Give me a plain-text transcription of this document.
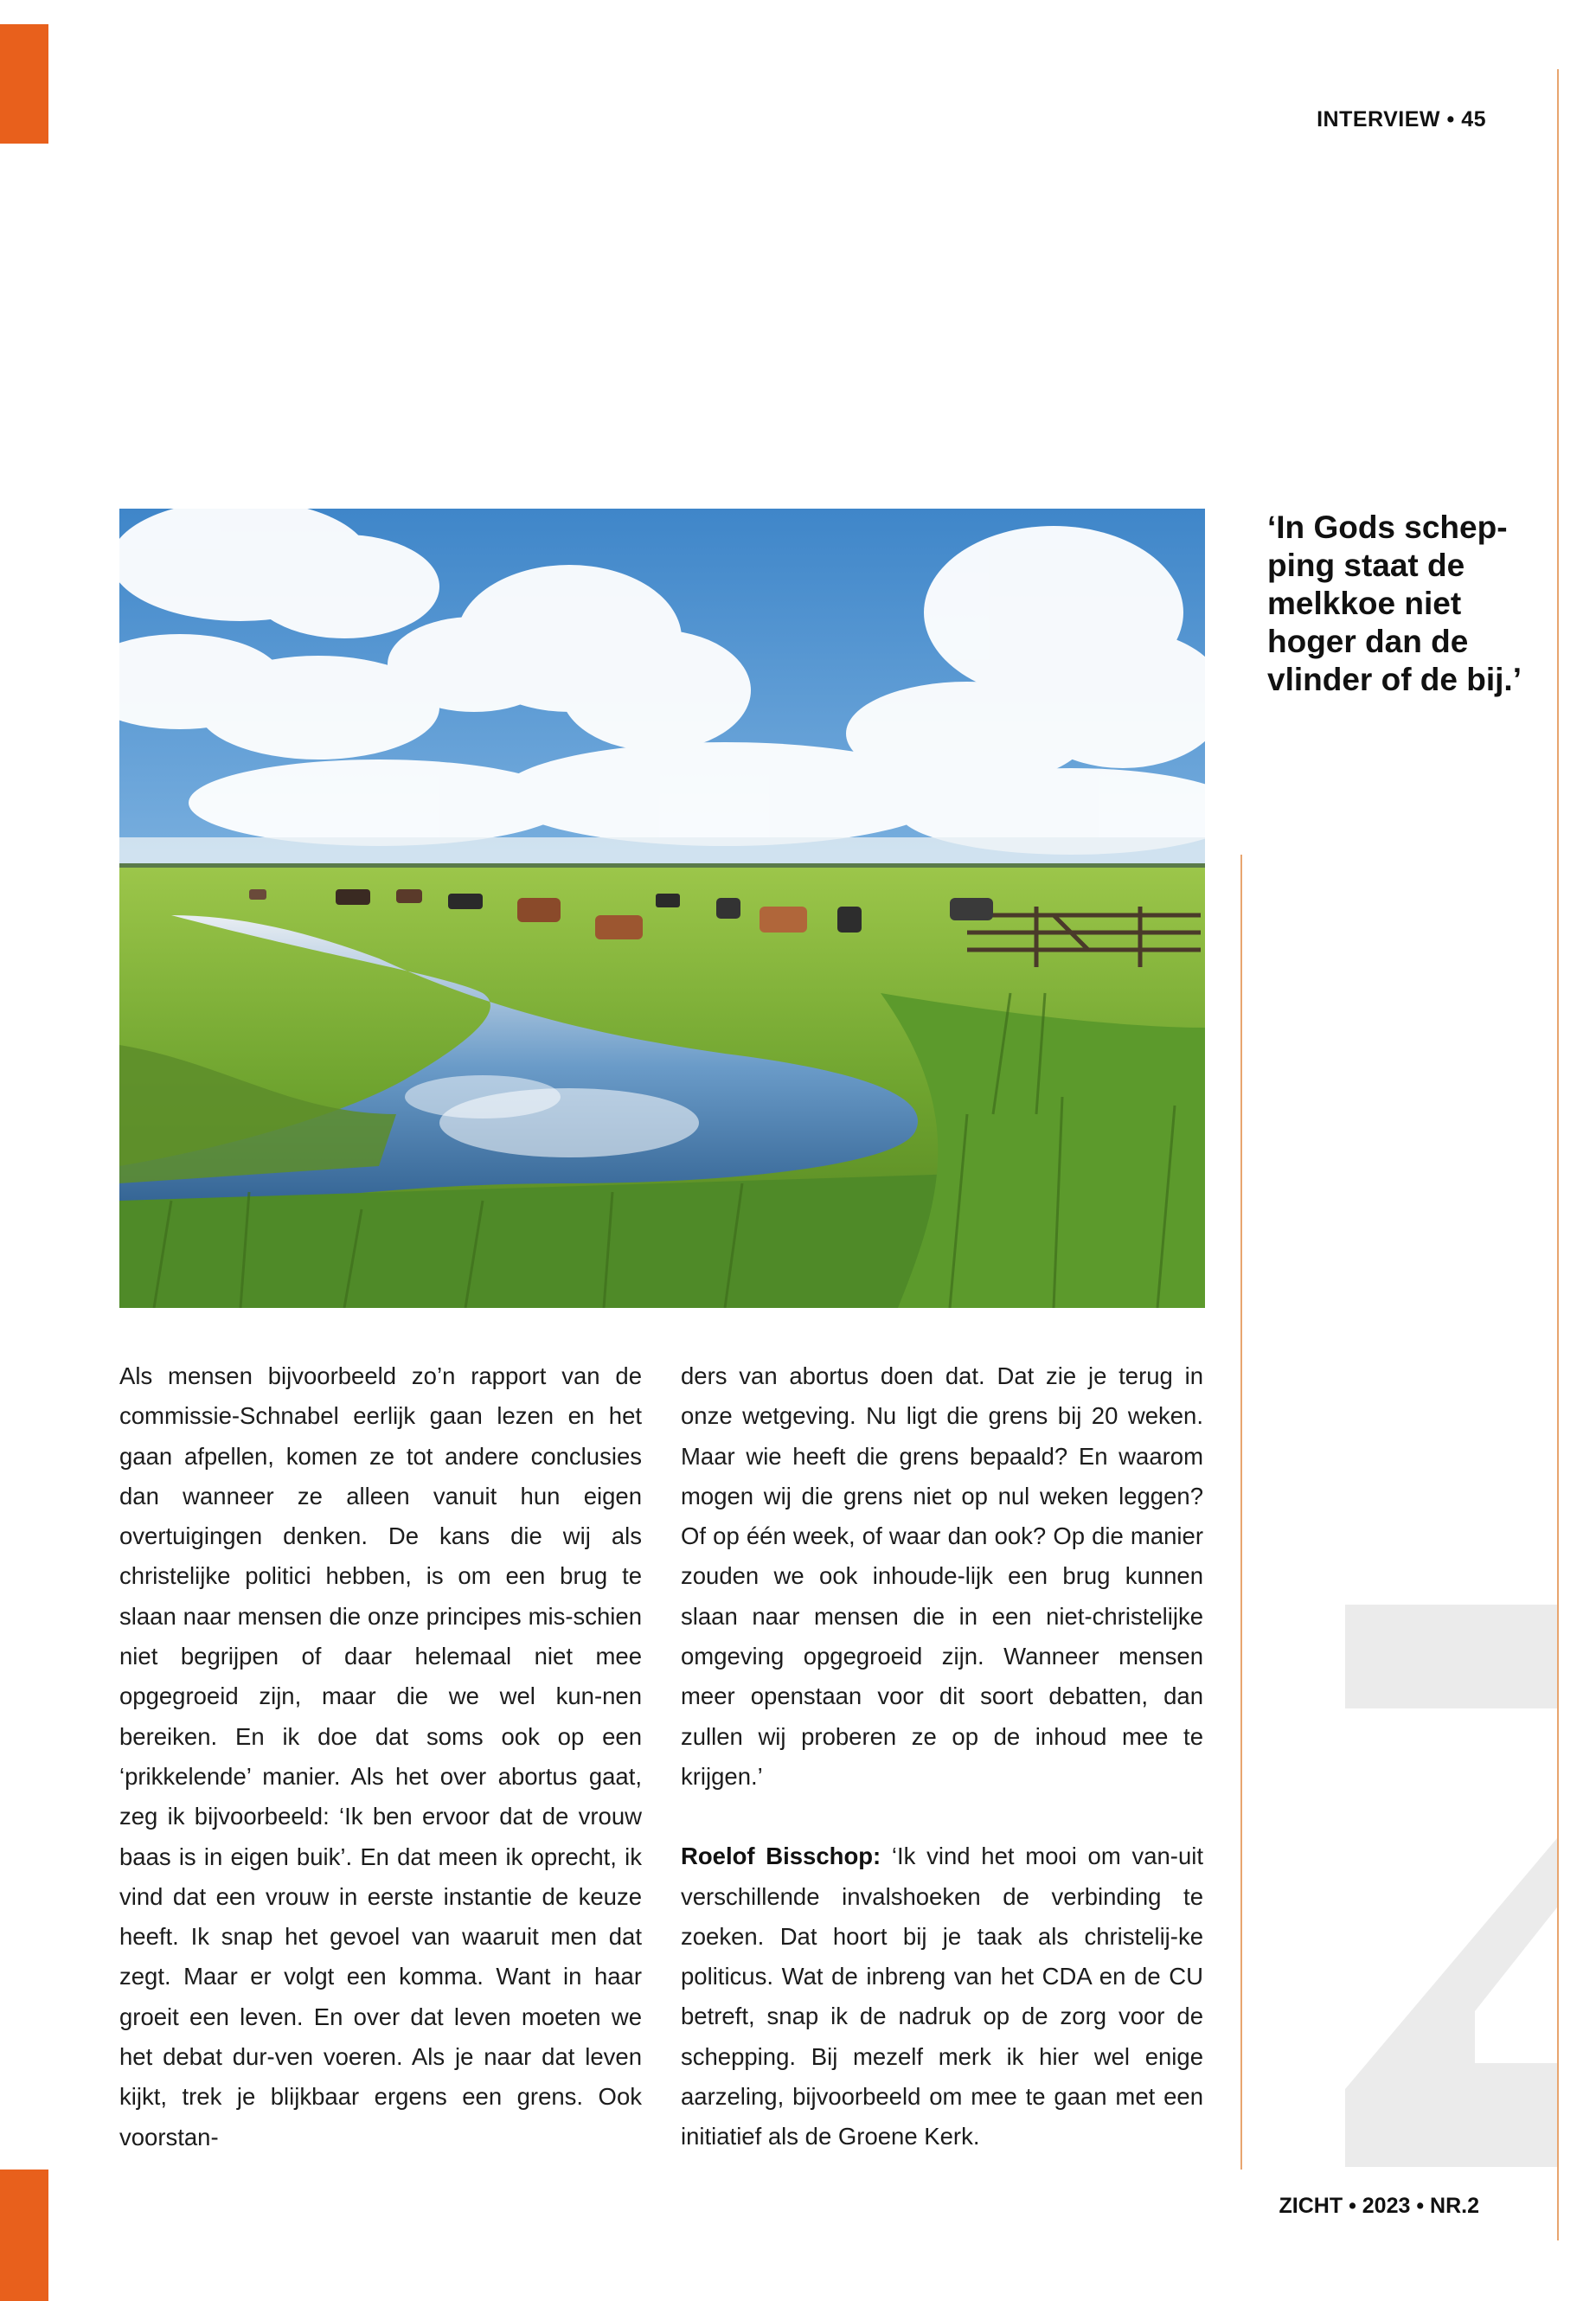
INTERVIEW • 45
‘In Gods schep-ping staat de melkkoe niet hoger dan de vlinder of de bij.’

Als mensen bijvoorbeeld zo’n rapport van de commissie-Schnabel eerlijk gaan lezen en het gaan afpellen, komen ze tot andere conclusies dan wanneer ze alleen vanuit hun eigen overtuigingen denken. De kans die wij als christelijke politici hebben, is om een brug te slaan naar mensen die onze principes mis-schien niet begrijpen of daar helemaal niet mee opgegroeid zijn, maar die we wel kun-nen bereiken. En ik doe dat soms ook op een ‘prikkelende’ manier. Als het over abortus gaat, zeg ik bijvoorbeeld: ‘Ik ben ervoor dat de vrouw baas is in eigen buik’. En dat meen ik oprecht, ik vind dat een vrouw in eerste instantie de keuze heeft. Ik snap het gevoel van waaruit men dat zegt. Maar er volgt een komma. Want in haar groeit een leven. En over dat leven moeten we het debat dur-ven voeren. Als je naar dat leven kijkt, trek je blijkbaar ergens een grens. Ook voorstan-

ders van abortus doen dat. Dat zie je terug in onze wetgeving. Nu ligt die grens bij 20 weken. Maar wie heeft die grens bepaald? En waarom mogen wij die grens niet op nul weken leggen? Of op één week, of waar dan ook? Op die manier zouden we ook inhoude-lijk een brug kunnen slaan naar mensen die in een niet-christelijke omgeving opgegroeid zijn. Wanneer mensen meer openstaan voor dit soort debatten, dan zullen wij proberen ze op de inhoud mee te krijgen.’

Roelof Bisschop: ‘Ik vind het mooi om van-uit verschillende invalshoeken de verbinding te zoeken. Dat hoort bij je taak als christelij-ke politicus. Wat de inbreng van het CDA en de CU betreft, snap ik de nadruk op de zorg voor de schepping. Bij mezelf merk ik hier wel enige aarzeling, bijvoorbeeld om mee te gaan met een initiatief als de Groene Kerk.

ZICHT • 2023 • NR.2
